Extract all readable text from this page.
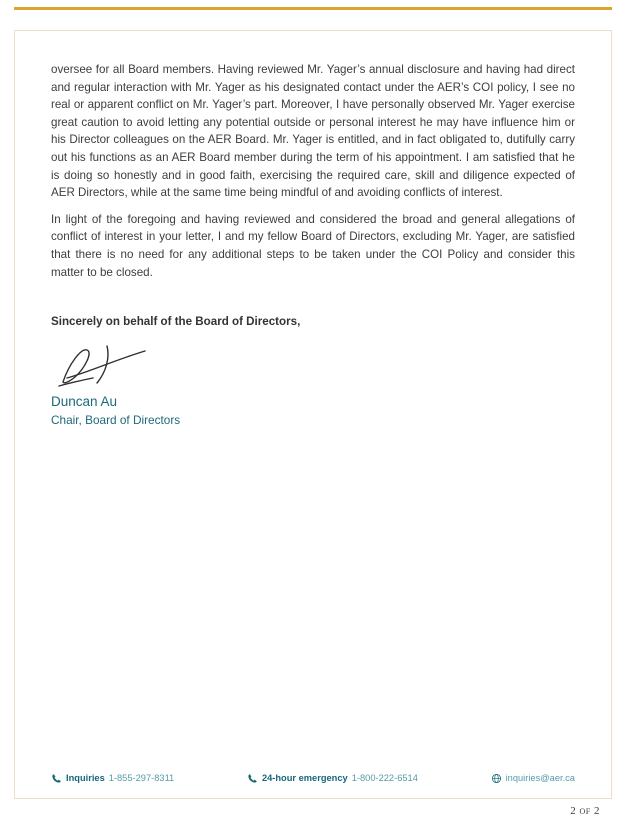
oversee for all Board members. Having reviewed Mr. Yager’s annual disclosure and having had direct and regular interaction with Mr. Yager as his designated contact under the AER’s COI policy, I see no real or apparent conflict on Mr. Yager’s part. Moreover, I have personally observed Mr. Yager exercise great caution to avoid letting any potential outside or personal interest he may have influence him or his Director colleagues on the AER Board. Mr. Yager is entitled, and in fact obligated to, dutifully carry out his functions as an AER Board member during the term of his appointment. I am satisfied that he is doing so honestly and in good faith, exercising the required care, skill and diligence expected of AER Directors, while at the same time being mindful of and avoiding conflicts of interest.

In light of the foregoing and having reviewed and considered the broad and general allegations of conflict of interest in your letter, I and my fellow Board of Directors, excluding Mr. Yager, are satisfied that there is no need for any additional steps to be taken under the COI Policy and consider this matter to be closed.

Sincerely on behalf of the Board of Directors,

Duncan Au
Chair, Board of Directors
Inquiries 1-855-297-8311	24-hour emergency 1-800-222-6514	inquiries@aer.ca
2 of 2
